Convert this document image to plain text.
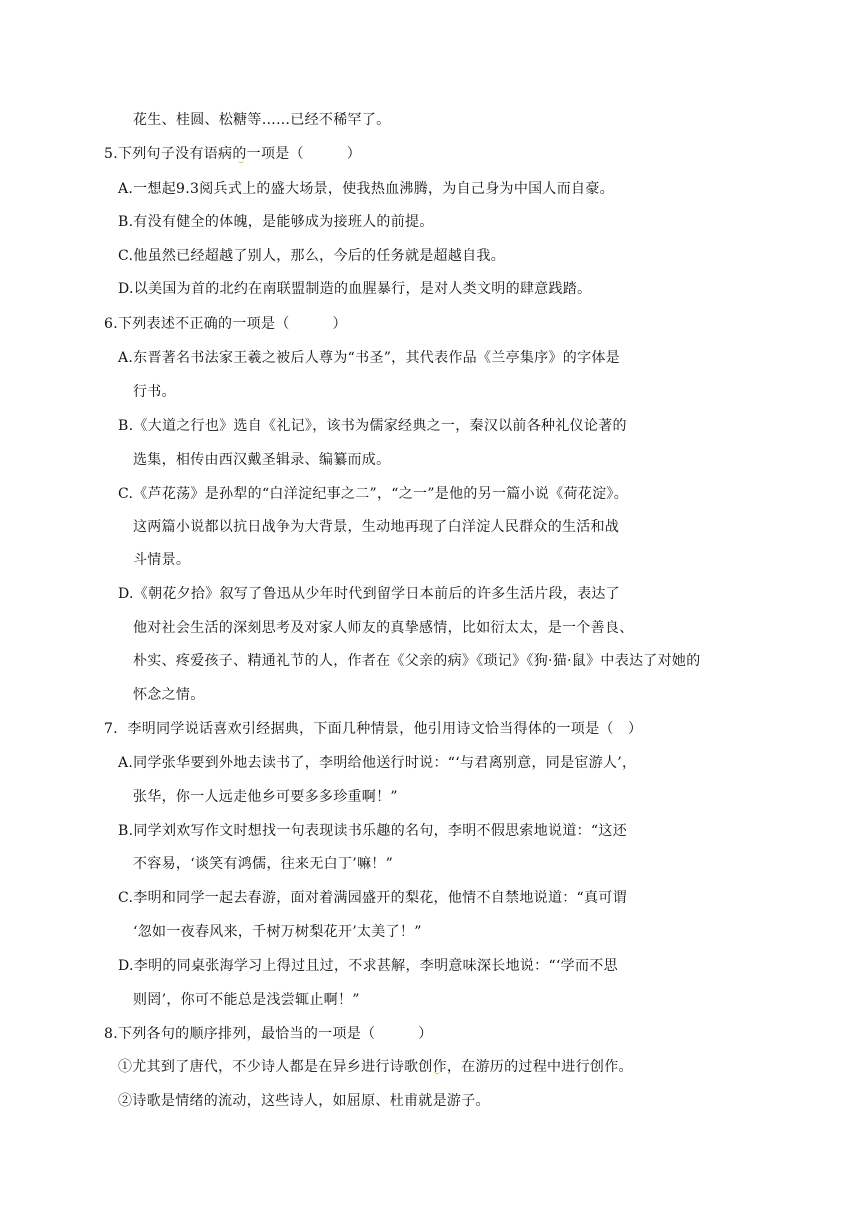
花生、桂圆、松糖等……已经不稀罕了。
5.下列句子没有语病的一项是（　　　）
A.一想起9.3阅兵式上的盛大场景，使我热血沸腾，为自己身为中国人而自豪。
B.有没有健全的体魄，是能够成为接班人的前提。
C.他虽然已经超越了别人，那么，今后的任务就是超越自我。
D.以美国为首的北约在南联盟制造的血腥暴行，是对人类文明的肆意践踏。
6.下列表述不正确的一项是（　　　）
A.东晋著名书法家王羲之被后人尊为“书圣”，其代表作品《兰亭集序》的字体是
行书。
B.《大道之行也》选自《礼记》，该书为儒家经典之一，秦汉以前各种礼仪论著的
选集，相传由西汉戴圣辑录、编纂而成。
C.《芦花荡》是孙犁的“白洋淀纪事之二”，“之一”是他的另一篇小说《荷花淀》。
这两篇小说都以抗日战争为大背景，生动地再现了白洋淀人民群众的生活和战
斗情景。
D.《朝花夕拾》叙写了鲁迅从少年时代到留学日本前后的许多生活片段，表达了
他对社会生活的深刻思考及对家人师友的真挚感情，比如衍太太，是一个善良、
朴实、疼爱孩子、精通礼节的人，作者在《父亲的病》《琐记》《狗·猫·鼠》中表达了对她的
怀念之情。
7．李明同学说话喜欢引经据典，下面几种情景，他引用诗文恰当得体的一项是（　）
A.同学张华要到外地去读书了，李明给他送行时说：“‘与君离别意，同是宦游人’，
张华，你一人远走他乡可要多多珍重啊！”
B.同学刘欢写作文时想找一句表现读书乐趣的名句，李明不假思索地说道：“这还
不容易，‘谈笑有鸿儒，往来无白丁’嘛！”
C.李明和同学一起去春游，面对着满园盛开的梨花，他情不自禁地说道：“真可谓
‘忽如一夜春风来，千树万树梨花开’太美了！”
D.李明的同桌张海学习上得过且过，不求甚解，李明意味深长地说：“‘学而不思
则罔’，你可不能总是浅尝辄止啊！”
8.下列各句的顺序排列，最恰当的一项是（　　　）
①尤其到了唐代，不少诗人都是在异乡进行诗歌创作，在游历的过程中进行创作。
②诗歌是情绪的流动，这些诗人，如屈原、杜甫就是游子。
